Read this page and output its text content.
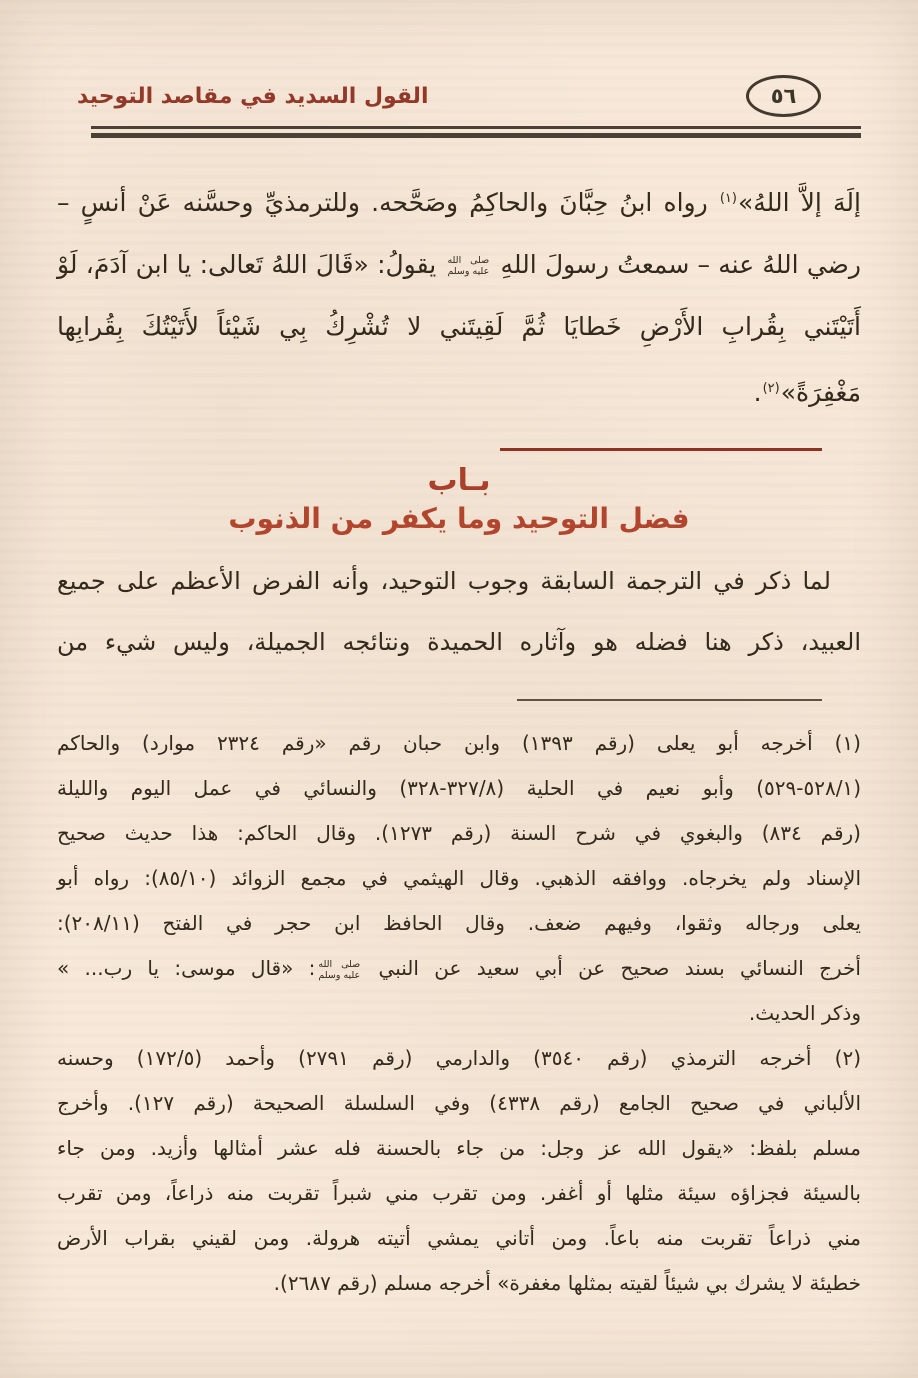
٥٦
القول السديد في مقاصد التوحيد
إلَهَ إلاَّ اللهُ»$^{(١)}$ رواه ابنُ حِبَّانَ والحاكِمُ وصَحَّحه. وللترمذيِّ وحسَّنه عَنْ أنسٍ –
رضي اللهُ عنه – سمعتُ رسولَ اللهِ
صلى الله
عليه وسلم
يقولُ: «قَالَ اللهُ تَعالى: يا ابن آدَمَ، لَوْ
أَتَيْتَني بِقُرابِ الأَرْضِ خَطايَا ثُمَّ لَقِيتَني لا تُشْرِكُ بِي شَيْئاً لأَتَيْتُكَ بِقُرابِها
مَغْفِرَةً»$^{(٢)}$.
بـاب
فضل التوحيد وما يكفر من الذنوب
لما ذكر في الترجمة السابقة وجوب التوحيد، وأنه الفرض الأعظم على جميع
العبيد، ذكر هنا فضله هو وآثاره الحميدة ونتائجه الجميلة، وليس شيء من
(١) أخرجه أبو يعلى (رقم ١٣٩٣) وابن حبان رقم «رقم ٢٣٢٤ موارد) والحاكم
(٥٢٨/١-٥٢٩) وأبو نعيم في الحلية (٣٢٧/٨-٣٢٨) والنسائي في عمل اليوم والليلة
(رقم ٨٣٤) والبغوي في شرح السنة (رقم ١٢٧٣). وقال الحاكم: هذا حديث صحيح
الإسناد ولم يخرجاه. ووافقه الذهبي. وقال الهيثمي في مجمع الزوائد (٨٥/١٠): رواه أبو
يعلى ورجاله وثقوا، وفيهم ضعف. وقال الحافظ ابن حجر في الفتح (٢٠٨/١١):
أخرج النسائي بسند صحيح عن أبي سعيد عن النبي
صلى الله
عليه وسلم
: «قال موسى: يا رب... »
وذكر الحديث.
(٢) أخرجه الترمذي (رقم ٣٥٤٠) والدارمي (رقم ٢٧٩١) وأحمد (١٧٢/٥) وحسنه
الألباني في صحيح الجامع (رقم ٤٣٣٨) وفي السلسلة الصحيحة (رقم ١٢٧). وأخرج
مسلم بلفظ: «يقول الله عز وجل: من جاء بالحسنة فله عشر أمثالها وأزيد. ومن جاء
بالسيئة فجزاؤه سيئة مثلها أو أغفر. ومن تقرب مني شبراً تقربت منه ذراعاً، ومن تقرب
مني ذراعاً تقربت منه باعاً. ومن أتاني يمشي أتيته هرولة. ومن لقيني بقراب الأرض
خطيئة لا يشرك بي شيئاً لقيته بمثلها مغفرة» أخرجه مسلم (رقم ٢٦٨٧).
